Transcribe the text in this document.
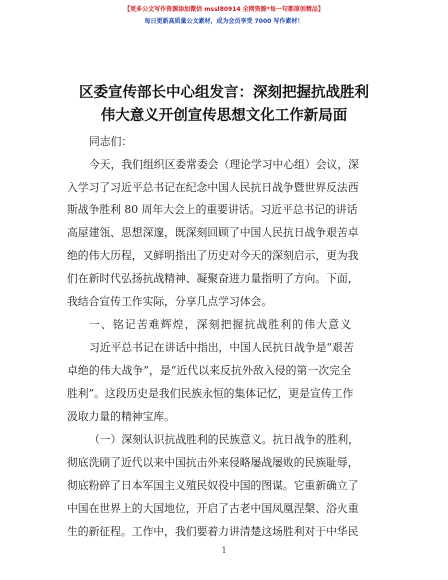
【更多公文写作资源添加微信 mssl80914 全网资源*每一句都原创精品】
每日更新高质量公文素材，成为会员享受 7000 写作素材！
区委宣传部长中心组发言：深刻把握抗战胜利
伟大意义开创宣传思想文化工作新局面
同志们：
今天，我们组织区委常委会（理论学习中心组）会议，深
入学习了习近平总书记在纪念中国人民抗日战争暨世界反法西
斯战争胜利 80 周年大会上的重要讲话。习近平总书记的讲话
高屋建瓴、思想深邃，既深刻回顾了中国人民抗日战争艰苦卓
绝的伟大历程，又鲜明指出了历史对今天的深刻启示，更为我
们在新时代弘扬抗战精神、凝聚奋进力量指明了方向。下面，
我结合宣传工作实际，分享几点学习体会。
一、铭记苦难辉煌，深刻把握抗战胜利的伟大意义
习近平总书记在讲话中指出，中国人民抗日战争是“艰苦
卓绝的伟大战争”，是“近代以来反抗外敌入侵的第一次完全
胜利”。这段历史是我们民族永恒的集体记忆，更是宣传工作
汲取力量的精神宝库。
（一）深刻认识抗战胜利的民族意义。抗日战争的胜利，
彻底洗刷了近代以来中国抗击外来侵略屡战屡败的民族耻辱，
彻底粉碎了日本军国主义殖民奴役中国的图谋。它重新确立了
中国在世界上的大国地位，开启了古老中国凤凰涅槃、浴火重
生的新征程。工作中，我们要着力讲清楚这场胜利对于中华民
1
